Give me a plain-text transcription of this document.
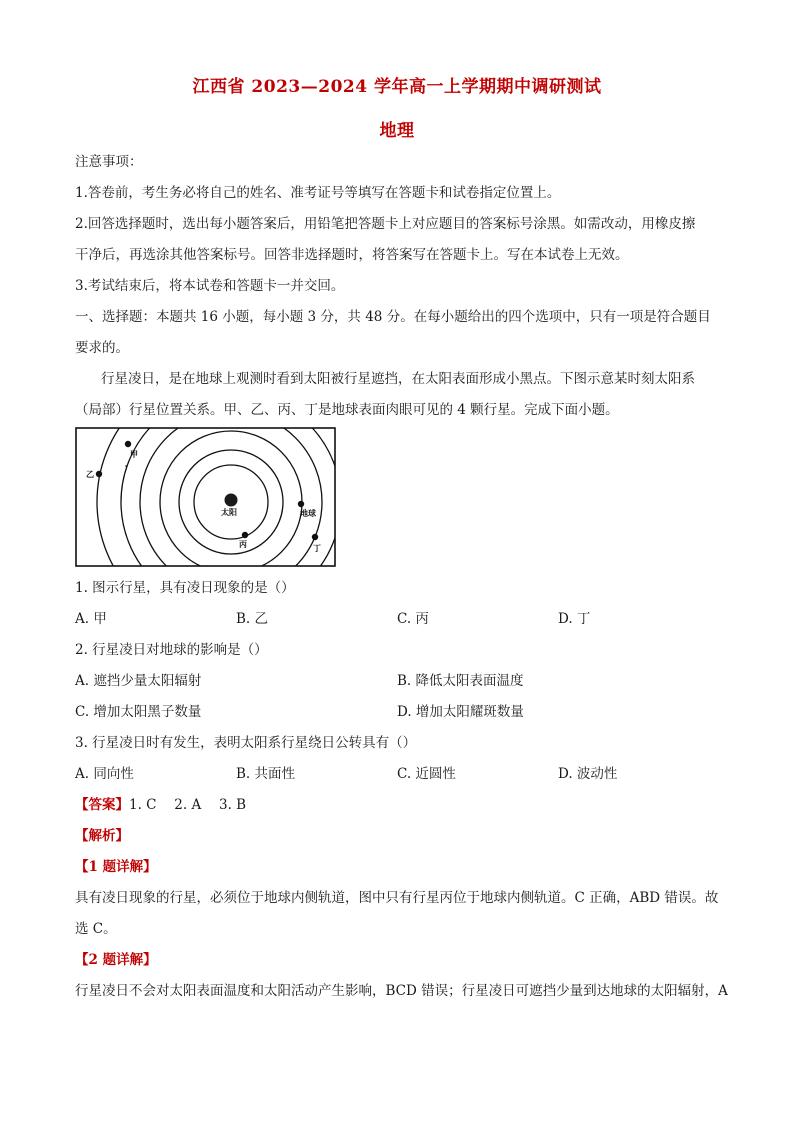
江西省 2023—2024 学年高一上学期期中调研测试
地理
注意事项：
1.答卷前，考生务必将自己的姓名、准考证号等填写在答题卡和试卷指定位置上。
2.回答选择题时，选出每小题答案后，用铅笔把答题卡上对应题目的答案标号涂黑。如需改动，用橡皮擦
干净后，再选涂其他答案标号。回答非选择题时，将答案写在答题卡上。写在本试卷上无效。
3.考试结束后，将本试卷和答题卡一并交回。
一、选择题：本题共 16 小题，每小题 3 分，共 48 分。在每小题给出的四个选项中，只有一项是符合题目
要求的。
行星凌日，是在地球上观测时看到太阳被行星遮挡，在太阳表面形成小黑点。下图示意某时刻太阳系
（局部）行星位置关系。甲、乙、丙、丁是地球表面肉眼可见的 4 颗行星。完成下面小题。
太阳	地球
丙	丁
甲
乙
1. 图示行星，具有凌日现象的是（）
A. 甲	B. 乙	C. 丙	D. 丁
2. 行星凌日对地球的影响是（）
A. 遮挡少量太阳辐射	B. 降低太阳表面温度
C. 增加太阳黑子数量	D. 增加太阳耀斑数量
3. 行星凌日时有发生，表明太阳系行星绕日公转具有（）
A. 同向性	B. 共面性	C. 近圆性	D. 波动性
【答案】1. C　 2. A　 3. B
【解析】
【1 题详解】
具有凌日现象的行星，必须位于地球内侧轨道，图中只有行星丙位于地球内侧轨道。C 正确，ABD 错误。故
选 C。
【2 题详解】
行星凌日不会对太阳表面温度和太阳活动产生影响，BCD 错误；行星凌日可遮挡少量到达地球的太阳辐射，A
